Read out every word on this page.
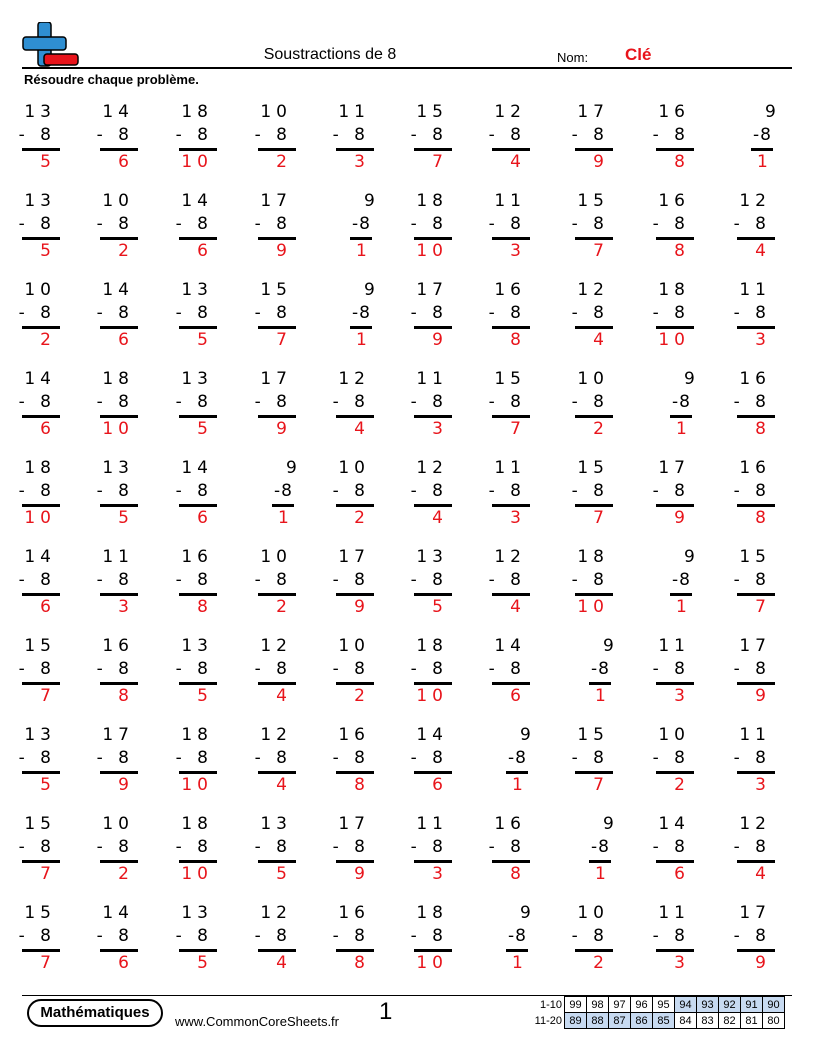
Soustractions de 8	Nom: Clé
Résoudre chaque problème.
13
- 8
5
14
- 8
6
18
- 8
10
10
- 8
2
11
- 8
3
15
- 8
7
12
- 8
4
17
- 8
9
16
- 8
8
9
-8
1
13
- 8
5
10
- 8
2
14
- 8
6
17
- 8
9
9
-8
1
18
- 8
10
11
- 8
3
15
- 8
7
16
- 8
8
12
- 8
4
10
- 8
2
14
- 8
6
13
- 8
5
15
- 8
7
9
-8
1
17
- 8
9
16
- 8
8
12
- 8
4
18
- 8
10
11
- 8
3
14
- 8
6
18
- 8
10
13
- 8
5
17
- 8
9
12
- 8
4
11
- 8
3
15
- 8
7
10
- 8
2
9
-8
1
16
- 8
8
18
- 8
10
13
- 8
5
14
- 8
6
9
-8
1
10
- 8
2
12
- 8
4
11
- 8
3
15
- 8
7
17
- 8
9
16
- 8
8
14
- 8
6
11
- 8
3
16
- 8
8
10
- 8
2
17
- 8
9
13
- 8
5
12
- 8
4
18
- 8
10
9
-8
1
15
- 8
7
15
- 8
7
16
- 8
8
13
- 8
5
12
- 8
4
10
- 8
2
18
- 8
10
14
- 8
6
9
-8
1
11
- 8
3
17
- 8
9
13
- 8
5
17
- 8
9
18
- 8
10
12
- 8
4
16
- 8
8
14
- 8
6
9
-8
1
15
- 8
7
10
- 8
2
11
- 8
3
15
- 8
7
10
- 8
2
18
- 8
10
13
- 8
5
17
- 8
9
11
- 8
3
16
- 8
8
9
-8
1
14
- 8
6
12
- 8
4
15
- 8
7
14
- 8
6
13
- 8
5
12
- 8
4
16
- 8
8
18
- 8
10
9
-8
1
10
- 8
2
11
- 8
3
17
- 8
9
Mathématiques
www.CommonCoreSheets.fr 1	1-10	99	98	97	96	95	94	93	92	91	90
11-20	89	88	87	86	85	84	83	82	81	80
